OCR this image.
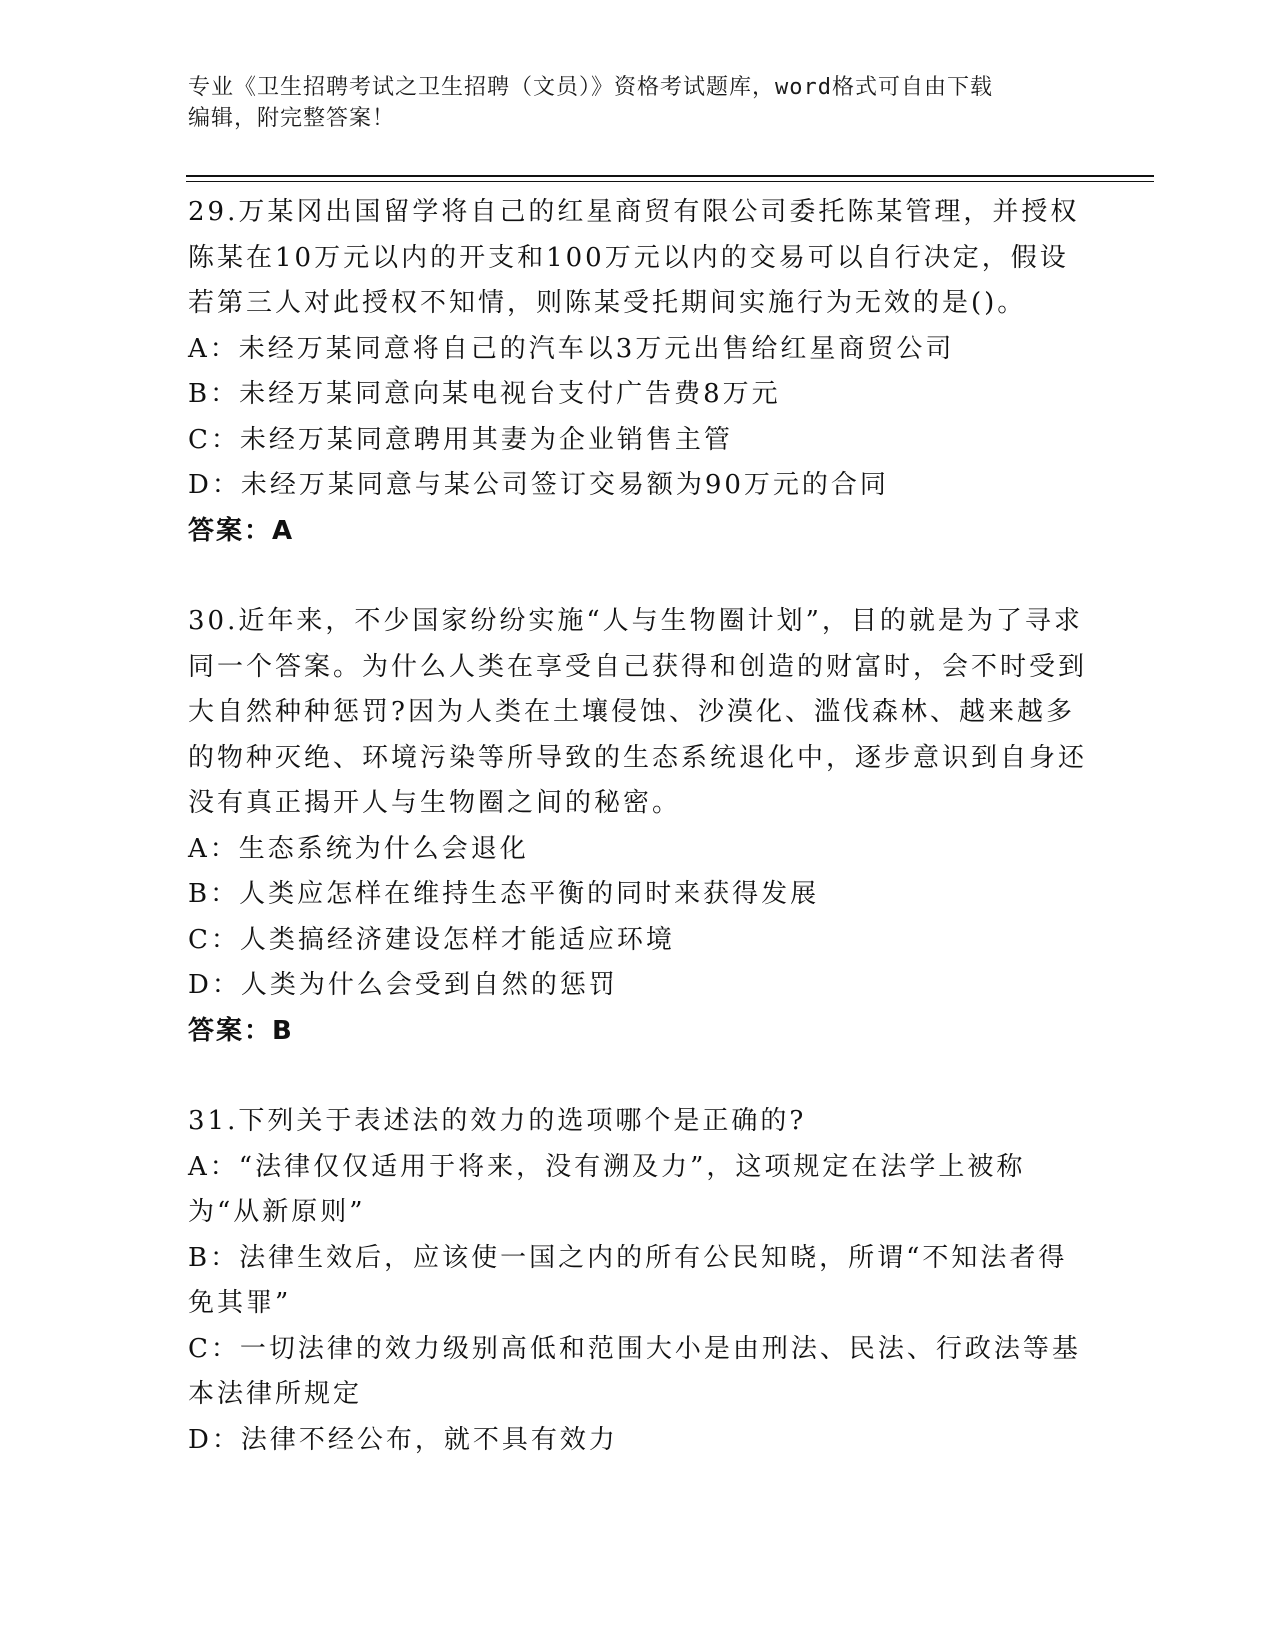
专业《卫生招聘考试之卫生招聘（文员）》资格考试题库，word格式可自由下载
编辑，附完整答案！

29.万某冈出国留学将自己的红星商贸有限公司委托陈某管理，并授权陈某在10万元以内的开支和100万元以内的交易可以自行决定，假设若第三人对此授权不知情，则陈某受托期间实施行为无效的是()。

A：未经万某同意将自己的汽车以3万元出售给红星商贸公司

B：未经万某同意向某电视台支付广告费8万元

C：未经万某同意聘用其妻为企业销售主管

D：未经万某同意与某公司签订交易额为90万元的合同

答案：A

30.近年来，不少国家纷纷实施“人与生物圈计划”，目的就是为了寻求同一个答案。为什么人类在享受自己获得和创造的财富时，会不时受到大自然种种惩罚?因为人类在土壤侵蚀、沙漠化、滥伐森林、越来越多的物种灭绝、环境污染等所导致的生态系统退化中，逐步意识到自身还没有真正揭开人与生物圈之间的秘密。

A：生态系统为什么会退化

B：人类应怎样在维持生态平衡的同时来获得发展

C：人类搞经济建设怎样才能适应环境

D：人类为什么会受到自然的惩罚

答案：B

31.下列关于表述法的效力的选项哪个是正确的?

A：“法律仅仅适用于将来，没有溯及力”，这项规定在法学上被称为“从新原则”

B：法律生效后，应该使一国之内的所有公民知晓，所谓“不知法者得免其罪”

C：一切法律的效力级别高低和范围大小是由刑法、民法、行政法等基本法律所规定

D：法律不经公布，就不具有效力
